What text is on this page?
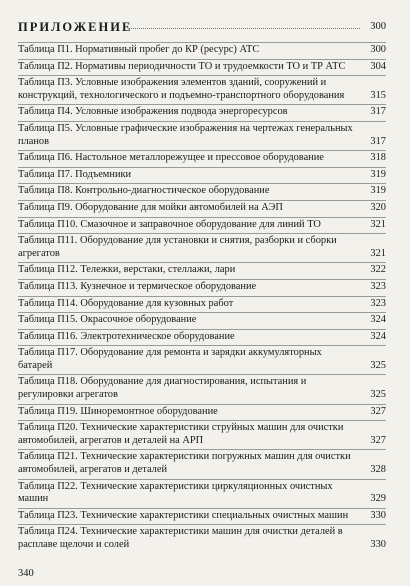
ПРИЛОЖЕНИЕ	300
Таблица П1. Нормативный пробег до КР (ресурс) АТС	300
Таблица П2. Нормативы периодичности ТО и трудоемкости ТО и ТР АТС	304
Таблица П3. Условные изображения элементов зданий, сооружений и конструкций, технологического и подъемно-транспортного оборудования	315
Таблица П4. Условные изображения подвода энергоресурсов	317
Таблица П5. Условные графические изображения на чертежах генеральных планов	317
Таблица П6. Настольное металлорежущее и прессовое оборудование	318
Таблица П7. Подъемники	319
Таблица П8. Контрольно-диагностическое оборудование	319
Таблица П9. Оборудование для мойки автомобилей на АЭП	320
Таблица П10. Смазочное и заправочное оборудование для линий ТО	321
Таблица П11. Оборудование для установки и снятия, разборки и сборки агрегатов	321
Таблица П12. Тележки, верстаки, стеллажи, лари	322
Таблица П13. Кузнечное и термическое оборудование	323
Таблица П14. Оборудование для кузовных работ	323
Таблица П15. Окрасочное оборудование	324
Таблица П16. Электротехническое оборудование	324
Таблица П17. Оборудование для ремонта и зарядки аккумуляторных батарей	325
Таблица П18. Оборудование для диагностирования, испытания и регулировки агрегатов	325
Таблица П19. Шиноремонтное оборудование	327
Таблица П20. Технические характеристики струйных машин для очистки автомобилей, агрегатов и деталей на АРП	327
Таблица П21. Технические характеристики погружных машин для очистки автомобилей, агрегатов и деталей	328
Таблица П22. Технические характеристики циркуляционных очистных машин	329
Таблица П23. Технические характеристики специальных очистных машин	330
Таблица П24. Технические характеристики машин для очистки деталей в расплаве щелочи и солей	330
340
